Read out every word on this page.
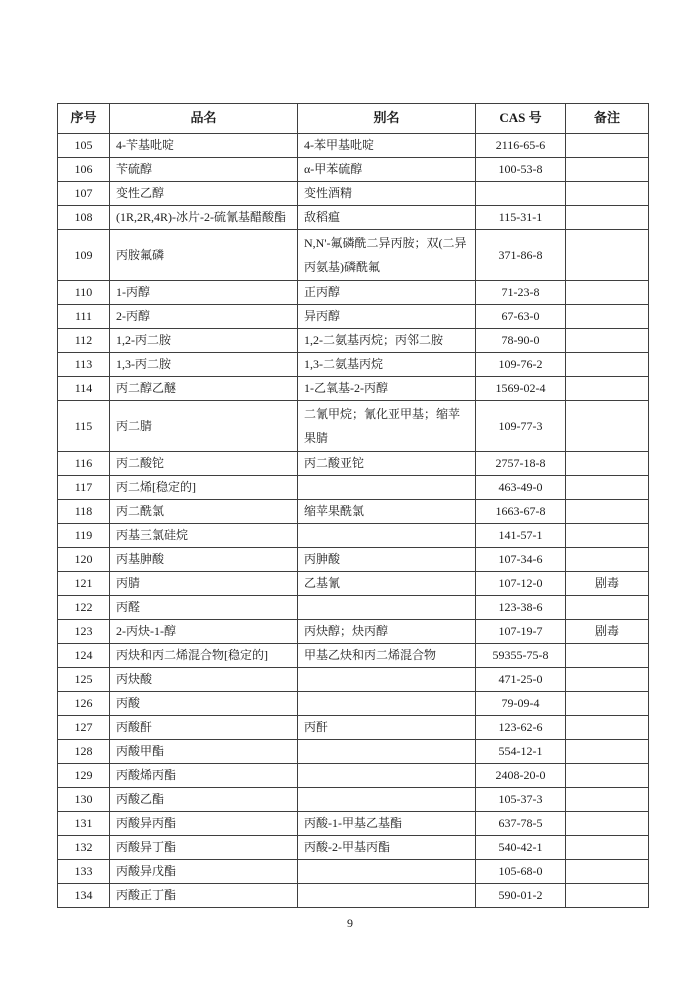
序号	品名	别名	CAS 号	备注
105	4-苄基吡啶	4-苯甲基吡啶	2116-65-6	
106	苄硫醇	α-甲苯硫醇	100-53-8	
107	变性乙醇	变性酒精		
108	(1R,2R,4R)-冰片-2-硫氰基醋酸酯	敌稻瘟	115-31-1	
109	丙胺氟磷	N,N'-氟磷酰二异丙胺；双(二异丙氨基)磷酰氟	371-86-8	
110	1-丙醇	正丙醇	71-23-8	
111	2-丙醇	异丙醇	67-63-0	
112	1,2-丙二胺	1,2-二氨基丙烷；丙邻二胺	78-90-0	
113	1,3-丙二胺	1,3-二氨基丙烷	109-76-2	
114	丙二醇乙醚	1-乙氧基-2-丙醇	1569-02-4	
115	丙二腈	二氰甲烷；氰化亚甲基；缩苹果腈	109-77-3	
116	丙二酸铊	丙二酸亚铊	2757-18-8	
117	丙二烯[稳定的]		463-49-0	
118	丙二酰氯	缩苹果酰氯	1663-67-8	
119	丙基三氯硅烷		141-57-1	
120	丙基胂酸	丙胂酸	107-34-6	
121	丙腈	乙基氰	107-12-0	剧毒
122	丙醛		123-38-6	
123	2-丙炔-1-醇	丙炔醇；炔丙醇	107-19-7	剧毒
124	丙炔和丙二烯混合物[稳定的]	甲基乙炔和丙二烯混合物	59355-75-8	
125	丙炔酸		471-25-0	
126	丙酸		79-09-4	
127	丙酸酐	丙酐	123-62-6	
128	丙酸甲酯		554-12-1	
129	丙酸烯丙酯		2408-20-0	
130	丙酸乙酯		105-37-3	
131	丙酸异丙酯	丙酸-1-甲基乙基酯	637-78-5	
132	丙酸异丁酯	丙酸-2-甲基丙酯	540-42-1	
133	丙酸异戊酯		105-68-0	
134	丙酸正丁酯		590-01-2	
9
